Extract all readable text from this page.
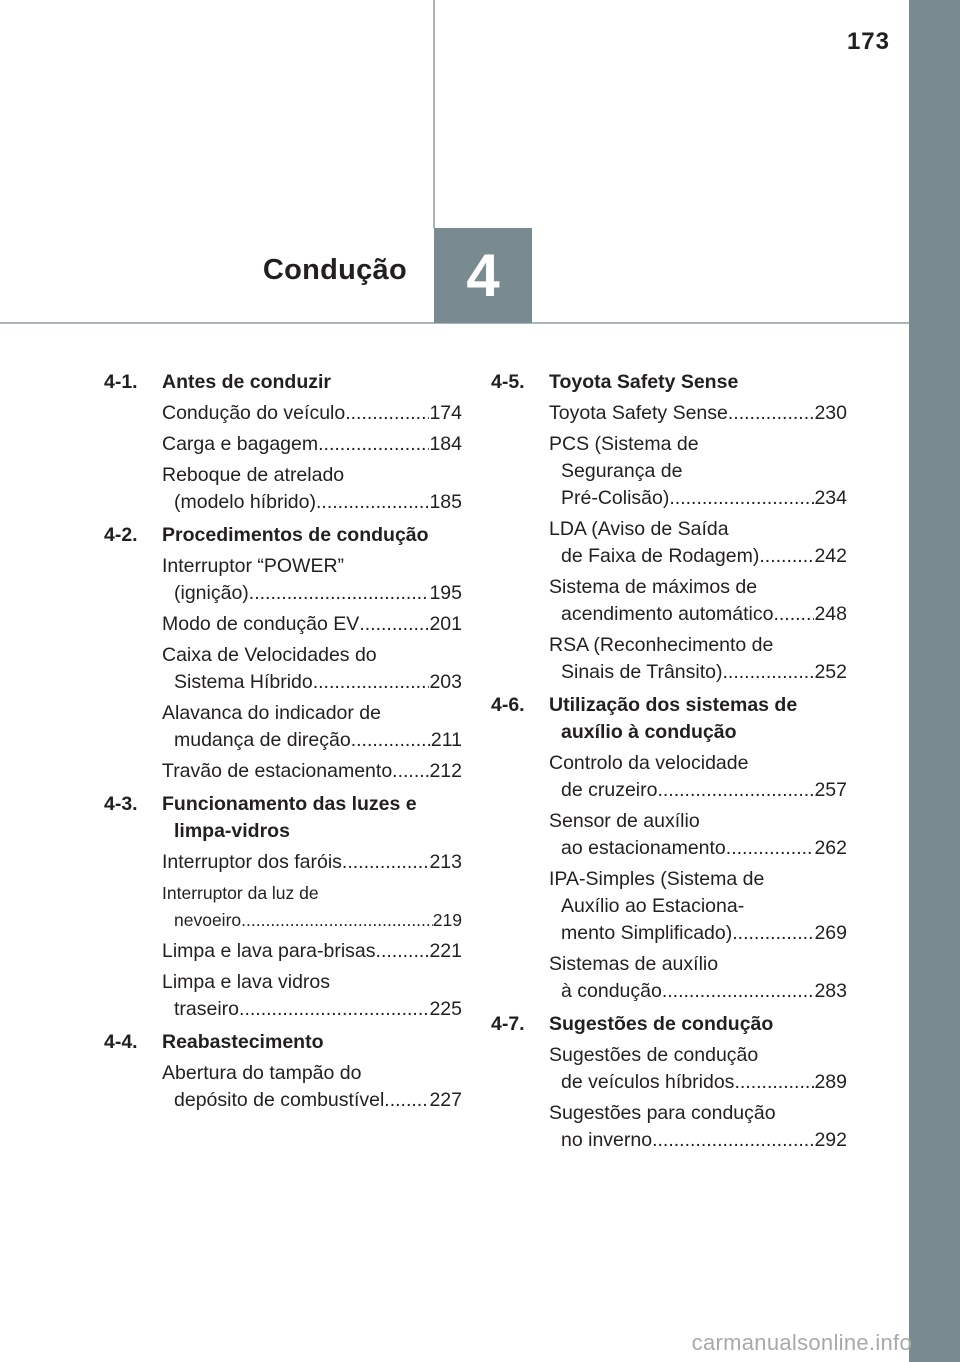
173
Condução 4
4-1.	Antes de conduzir
Condução do veículo .....	174
Carga e bagagem .....	184
Reboque de atrelado
(modelo híbrido) .....	185
4-2.	Procedimentos de condução
Interruptor “POWER”
(ignição) .....	195
Modo de condução EV .....	201
Caixa de Velocidades do
Sistema Híbrido .....	203
Alavanca do indicador de
mudança de direção .....	211
Travão de estacionamento ..... 212
4-3.	Funcionamento das luzes e limpa-vidros
Interruptor dos faróis .....	213
Interruptor da luz de
nevoeiro .....	219
Limpa e lava para-brisas .....	221
Limpa e lava vidros
traseiro .....	225
4-4.	Reabastecimento
Abertura do tampão do
depósito de combustível ..... 227
4-5.	Toyota Safety Sense
Toyota Safety Sense .....	230
PCS (Sistema de
Segurança de
Pré-Colisão) .....	234
LDA (Aviso de Saída
de Faixa de Rodagem) .....	242
Sistema de máximos de
acendimento automático ..... 248
RSA (Reconhecimento de
Sinais de Trânsito) .....	252
4-6.	Utilização dos sistemas de auxílio à condução
Controlo da velocidade
de cruzeiro .....	257
Sensor de auxílio
ao estacionamento .....	262
IPA-Simples (Sistema de
Auxílio ao Estaciona-
mento Simplificado) .....	269
Sistemas de auxílio
à condução .....	283
4-7.	Sugestões de condução
Sugestões de condução
de veículos híbridos .....	289
Sugestões para condução
no inverno .....	292
carmanualsonline.info
